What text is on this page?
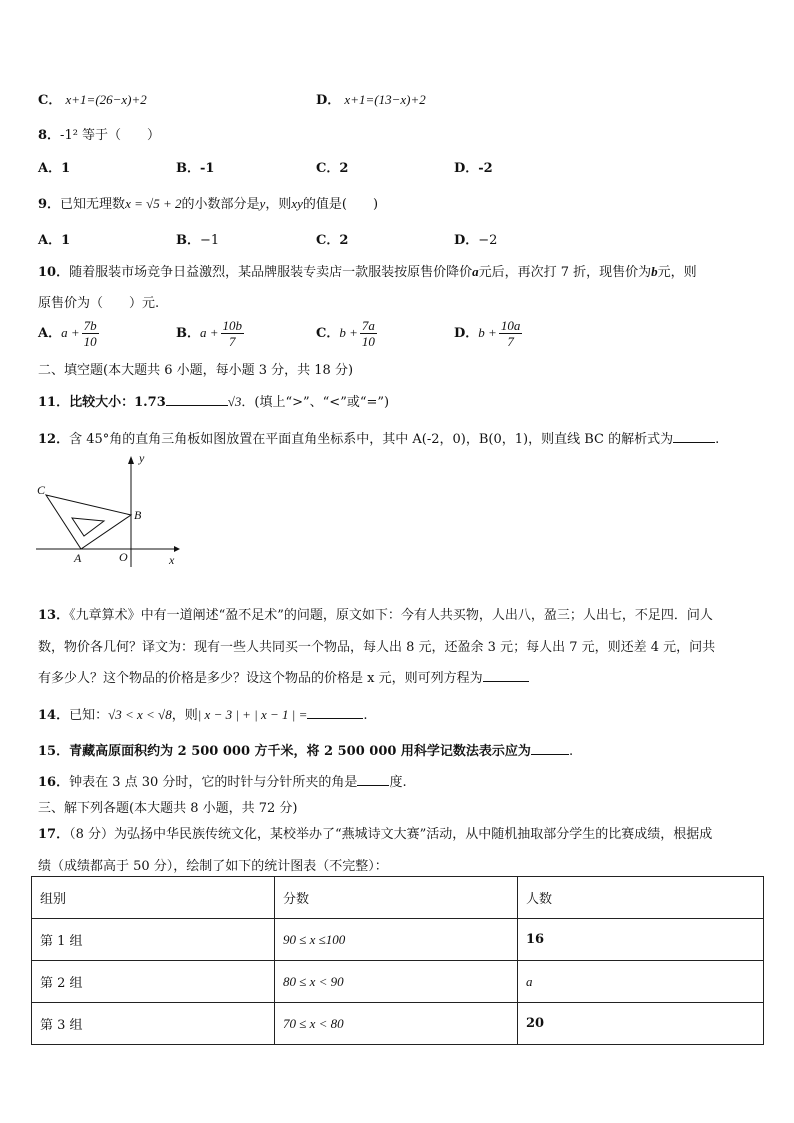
C． x+1=(26−x)+2	D． x+1=(13−x)+2
8．-1² 等于（　　）
A．1	B．-1	C．2	D．-2
9．已知无理数x = √5 + 2的小数部分是y，则xy的值是(　　)
A．1	B．−1	C．2	D．−2
10．随着服装市场竞争日益激烈，某品牌服装专卖店一款服装按原售价降价a元后，再次打 7 折，现售价为b元，则
原售价为（　　）元.
A．$a + \frac{7b}{10}$	B．$a + \frac{10b}{7}$	C．$b + \frac{7a}{10}$	D．$b + \frac{10a}{7}$
二、填空题(本大题共 6 小题，每小题 3 分，共 18 分)
11．比较大小：1.73	√3．(填上“>”、“<”或“=”)
12．含 45°角的直角三角板如图放置在平面直角坐标系中，其中 A(-2，0)，B(0，1)，则直线 BC 的解析式为	.
y
x
C
B
A	O
13．《九章算术》中有一道阐述“盈不足术”的问题，原文如下：今有人共买物，人出八，盈三；人出七，不足四．问人
数，物价各几何？译文为：现有一些人共同买一个物品，每人出 8 元，还盈余 3 元；每人出 7 元，则还差 4 元，问共
有多少人？这个物品的价格是多少？设这个物品的价格是 x 元，则可列方程为
14．已知：√3 < x < √8，则| x − 3 | + | x − 1 | =	.
15．青藏高原面积约为 2 500 000 方千米，将 2 500 000 用科学记数法表示应为	.
16．钟表在 3 点 30 分时，它的时针与分针所夹的角是 度.
三、解下列各题(本大题共 8 小题，共 72 分)
17．（8 分）为弘扬中华民族传统文化，某校举办了“燕城诗文大赛”活动，从中随机抽取部分学生的比赛成绩，根据成
绩（成绩都高于 50 分），绘制了如下的统计图表（不完整）：
组别	分数	人数
第 1 组	90 ≤ x ≤100	16
第 2 组	80 ≤ x < 90	a
第 3 组	70 ≤ x < 80	20
